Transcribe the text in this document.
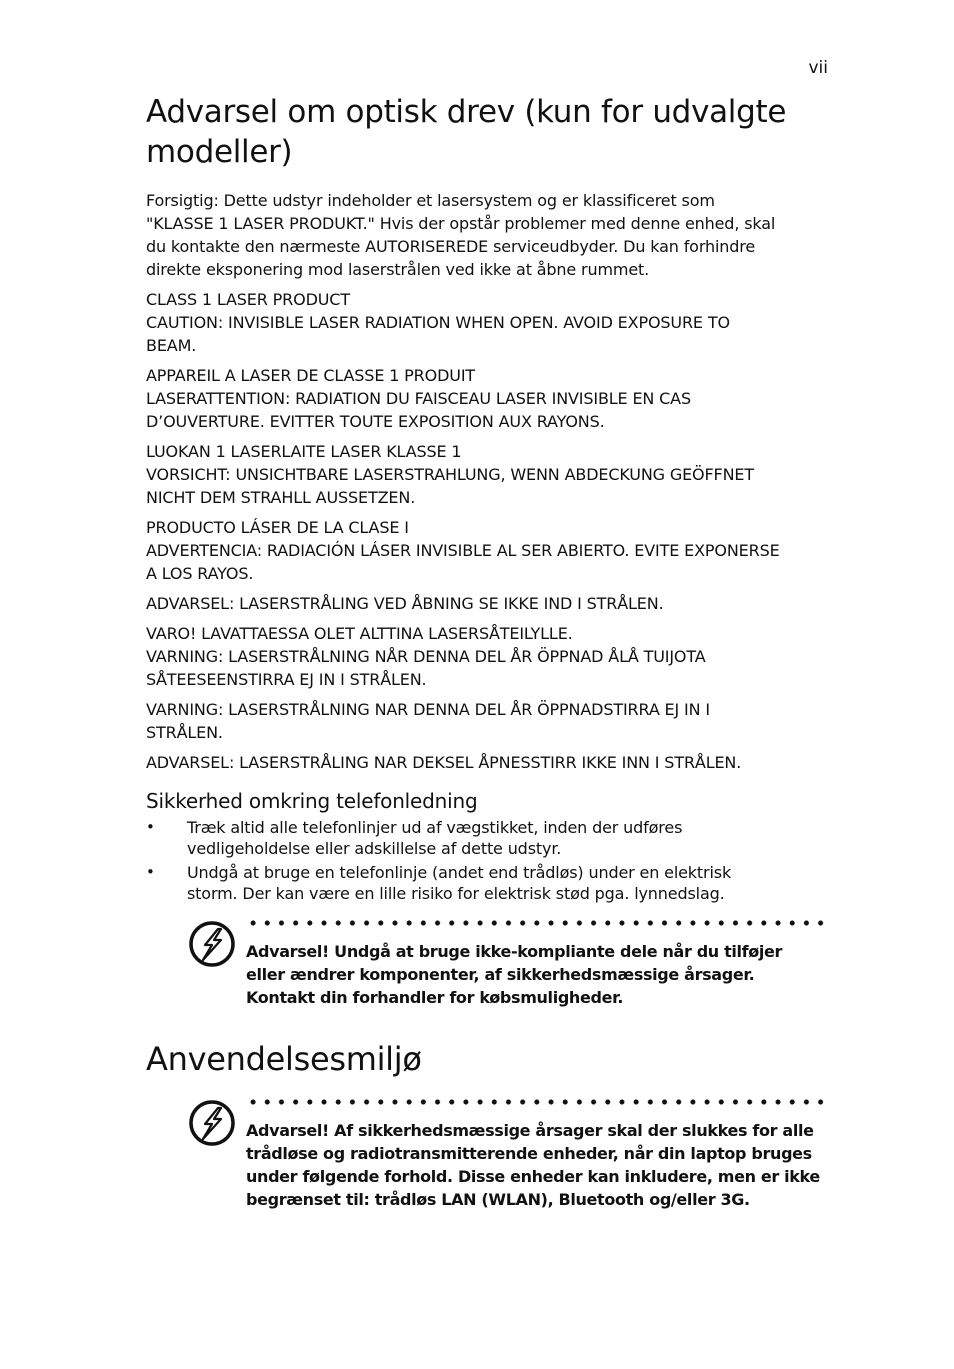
vii
Advarsel om optisk drev (kun for udvalgte
modeller)
Forsigtig: Dette udstyr indeholder et lasersystem og er klassificeret som
"KLASSE 1 LASER PRODUKT." Hvis der opstår problemer med denne enhed, skal
du kontakte den nærmeste AUTORISEREDE serviceudbyder. Du kan forhindre
direkte eksponering mod laserstrålen ved ikke at åbne rummet.
CLASS 1 LASER PRODUCT
CAUTION: INVISIBLE LASER RADIATION WHEN OPEN. AVOID EXPOSURE TO
BEAM.
APPAREIL A LASER DE CLASSE 1 PRODUIT
LASERATTENTION: RADIATION DU FAISCEAU LASER INVISIBLE EN CAS
D’OUVERTURE. EVITTER TOUTE EXPOSITION AUX RAYONS.
LUOKAN 1 LASERLAITE LASER KLASSE 1
VORSICHT: UNSICHTBARE LASERSTRAHLUNG, WENN ABDECKUNG GEÖFFNET
NICHT DEM STRAHLL AUSSETZEN.
PRODUCTO LÁSER DE LA CLASE I
ADVERTENCIA: RADIACIÓN LÁSER INVISIBLE AL SER ABIERTO. EVITE EXPONERSE
A LOS RAYOS.
ADVARSEL: LASERSTRÅLING VED ÅBNING SE IKKE IND I STRÅLEN.
VARO! LAVATTAESSA OLET ALTTINA LASERSÅTEILYLLE.
VARNING: LASERSTRÅLNING NÅR DENNA DEL ÅR ÖPPNAD ÅLÅ TUIJOTA
SÅTEESEENSTIRRA EJ IN I STRÅLEN.
VARNING: LASERSTRÅLNING NAR DENNA DEL ÅR ÖPPNADSTIRRA EJ IN I
STRÅLEN.
ADVARSEL: LASERSTRÅLING NAR DEKSEL ÅPNESSTIRR IKKE INN I STRÅLEN.
Sikkerhed omkring telefonledning
• Træk altid alle telefonlinjer ud af vægstikket, inden der udføres
vedligeholdelse eller adskillelse af dette udstyr.
• Undgå at bruge en telefonlinje (andet end trådløs) under en elektrisk
storm. Der kan være en lille risiko for elektrisk stød pga. lynnedslag.
Advarsel! Undgå at bruge ikke-kompliante dele når du tilføjer
eller ændrer komponenter, af sikkerhedsmæssige årsager.
Kontakt din forhandler for købsmuligheder.
Anvendelsesmiljø
Advarsel! Af sikkerhedsmæssige årsager skal der slukkes for alle
trådløse og radiotransmitterende enheder, når din laptop bruges
under følgende forhold. Disse enheder kan inkludere, men er ikke
begrænset til: trådløs LAN (WLAN), Bluetooth og/eller 3G.
